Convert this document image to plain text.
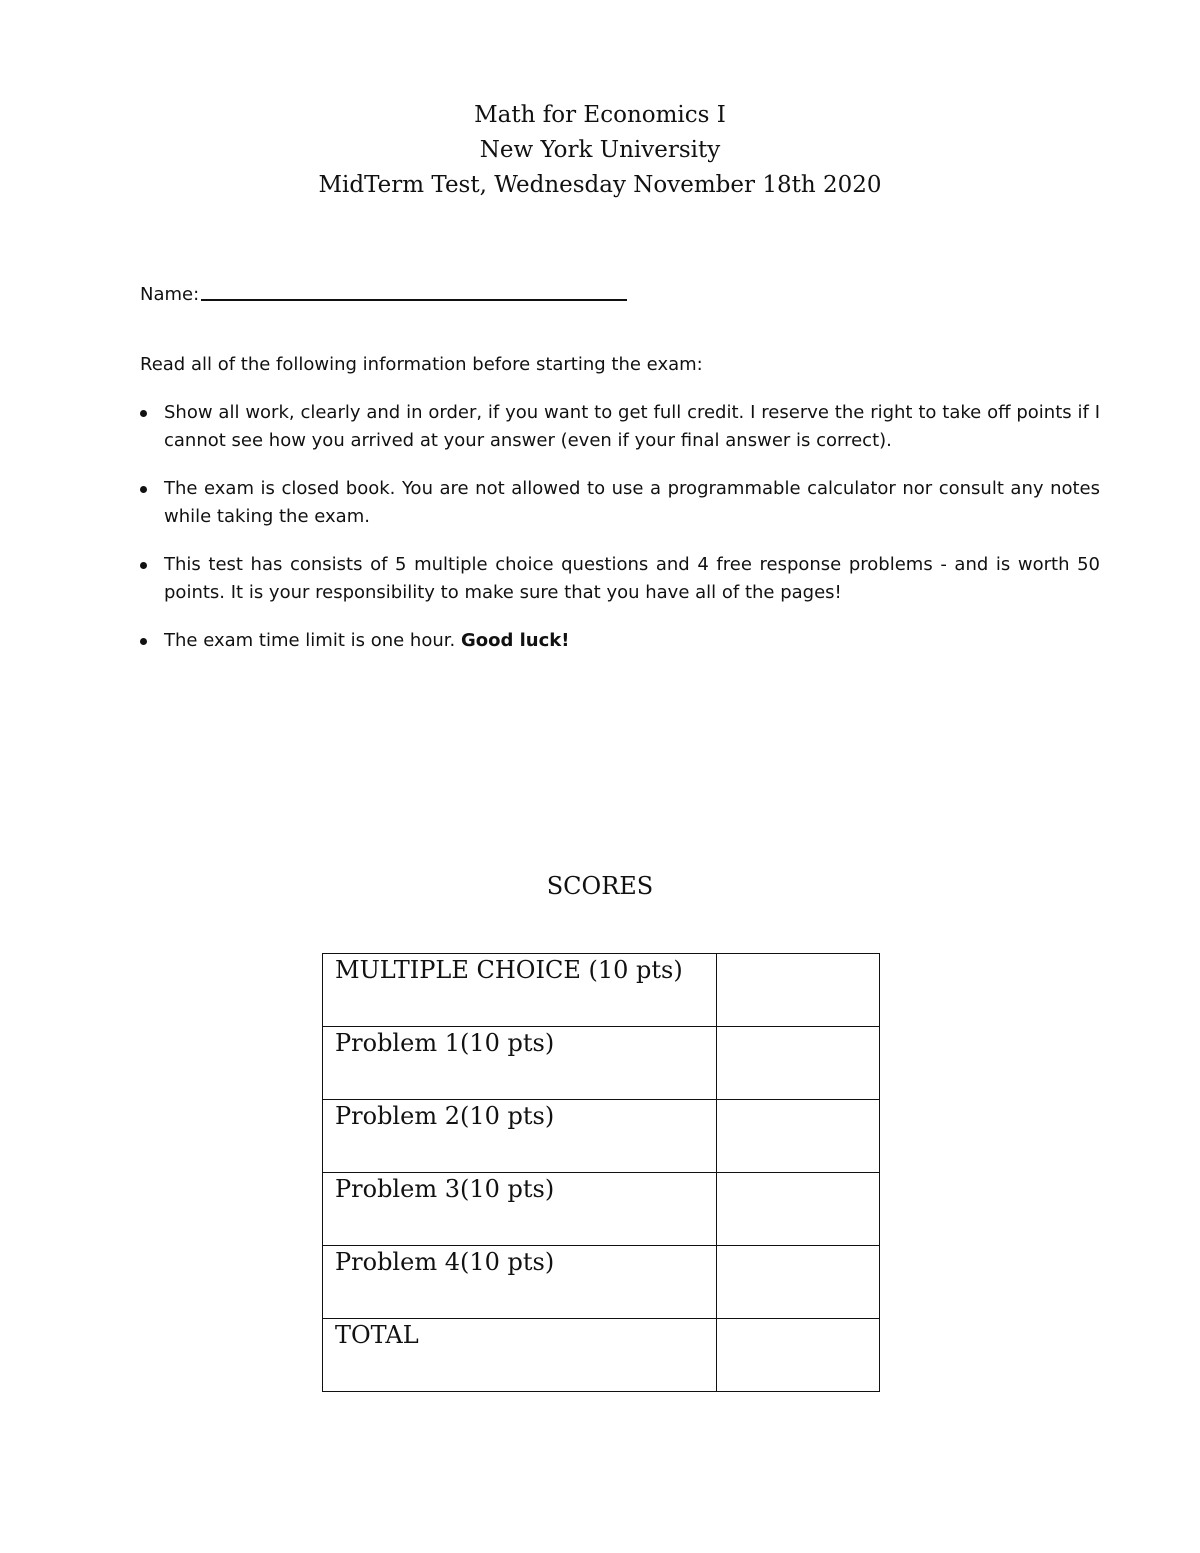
Math for Economics I
New York University
MidTerm Test, Wednesday November 18th 2020
Name:

Read all of the following information before starting the exam:

Show all work, clearly and in order, if you want to get full credit. I reserve the right to take off points if I cannot see how you arrived at your answer (even if your final answer is correct).
The exam is closed book. You are not allowed to use a programmable calculator nor consult any notes while taking the exam.
This test has consists of 5 multiple choice questions and 4 free response problems - and is worth 50 points. It is your responsibility to make sure that you have all of the pages!
The exam time limit is one hour. Good luck!
SCORES
MULTIPLE CHOICE (10 pts)	
Problem 1(10 pts)	
Problem 2(10 pts)	
Problem 3(10 pts)	
Problem 4(10 pts)	
TOTAL	
